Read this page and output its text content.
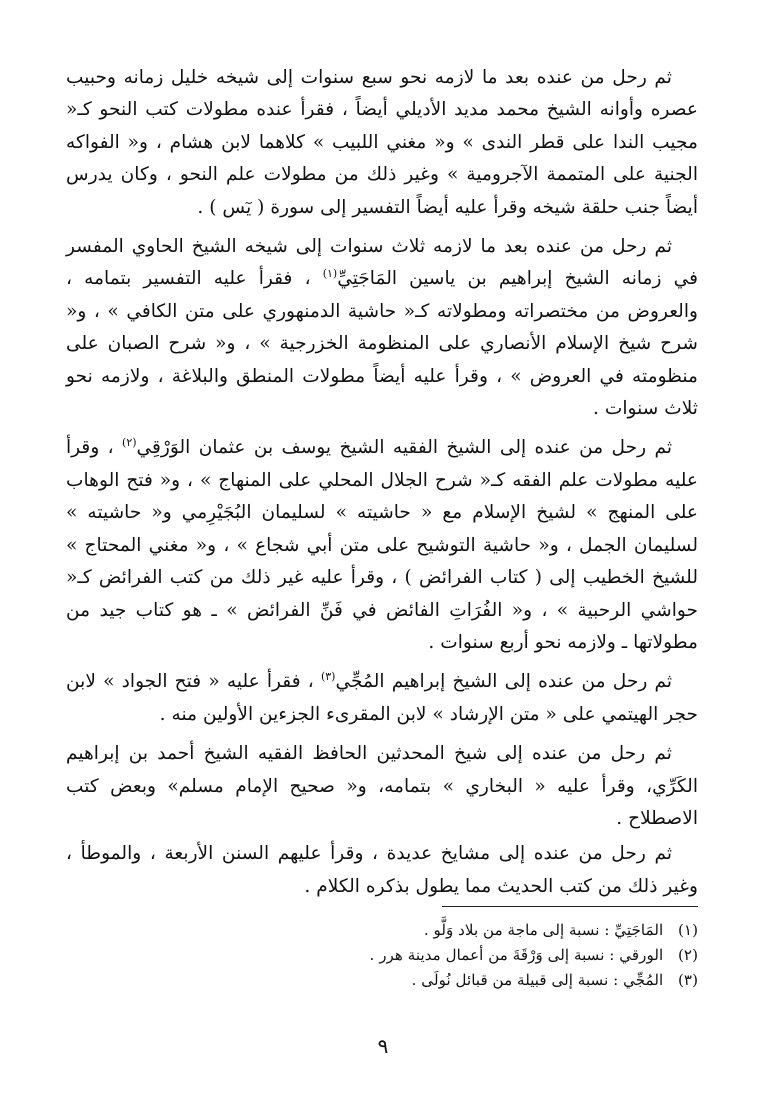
ثم رحل من عنده بعد ما لازمه نحو سبع سنوات إلى شيخه خليل زمانه وحبيب عصره وأوانه الشيخ محمد مديد الأديلي أيضاً ، فقرأ عنده مطولات كتب النحو كـ« مجيب الندا على قطر الندى » و« مغني اللبيب » كلاهما لابن هشام ، و« الفواكه الجنية على المتممة الآجرومية » وغير ذلك من مطولات علم النحو ، وكان يدرس أيضاً جنب حلقة شيخه وقرأ عليه أيضاً التفسير إلى سورة ( يٓس ) .

ثم رحل من عنده بعد ما لازمه ثلاث سنوات إلى شيخه الشيخ الحاوي المفسر في زمانه الشيخ إبراهيم بن ياسين المَاجَتِيِّ$^{(١)}$ ، فقرأ عليه التفسير بتمامه ، والعروض من مختصراته ومطولاته كـ« حاشية الدمنهوري على متن الكافي » ، و« شرح شيخ الإسلام الأنصاري على المنظومة الخزرجية » ، و« شرح الصبان على منظومته في العروض » ، وقرأ عليه أيضاً مطولات المنطق والبلاغة ، ولازمه نحو ثلاث سنوات .

ثم رحل من عنده إلى الشيخ الفقيه الشيخ يوسف بن عثمان الوَرْقِي$^{(٢)}$ ، وقرأ عليه مطولات علم الفقه كـ« شرح الجلال المحلي على المنهاج » ، و« فتح الوهاب على المنهج » لشيخ الإسلام مع « حاشيته » لسليمان البُجَيْرِمي و« حاشيته » لسليمان الجمل ، و« حاشية التوشيح على متن أبي شجاع » ، و« مغني المحتاج » للشيخ الخطيب إلى ( كتاب الفرائض ) ، وقرأ عليه غير ذلك من كتب الفرائض كـ« حواشي الرحبية » ، و« الفُرَاتِ الفائض في فَنِّ الفرائض » ـ هو كتاب جيد من مطولاتها ـ ولازمه نحو أربع سنوات .

ثم رحل من عنده إلى الشيخ إبراهيم المُجِّي$^{(٣)}$ ، فقرأ عليه « فتح الجواد » لابن حجر الهيتمي على « متن الإرشاد » لابن المقرىء الجزءين الأولين منه .

ثم رحل من عنده إلى شيخ المحدثين الحافظ الفقيه الشيخ أحمد بن إبراهيم الكَرِّي، وقرأ عليه « البخاري » بتمامه، و« صحيح الإمام مسلم» وبعض كتب الاصطلاح .

ثم رحل من عنده إلى مشايخ عديدة ، وقرأ عليهم السنن الأربعة ، والموطأ ، وغير ذلك من كتب الحديث مما يطول بذكره الكلام .

(١) المَاجَتِيِّ : نسبة إلى ماجة من بلاد وَلَّو .
(٢) الورقي : نسبة إلى وَرْقَةَ من أعمال مدينة هرر .
(٣) المُجِّي : نسبة إلى قبيلة من قبائل نُولَى .
٩
